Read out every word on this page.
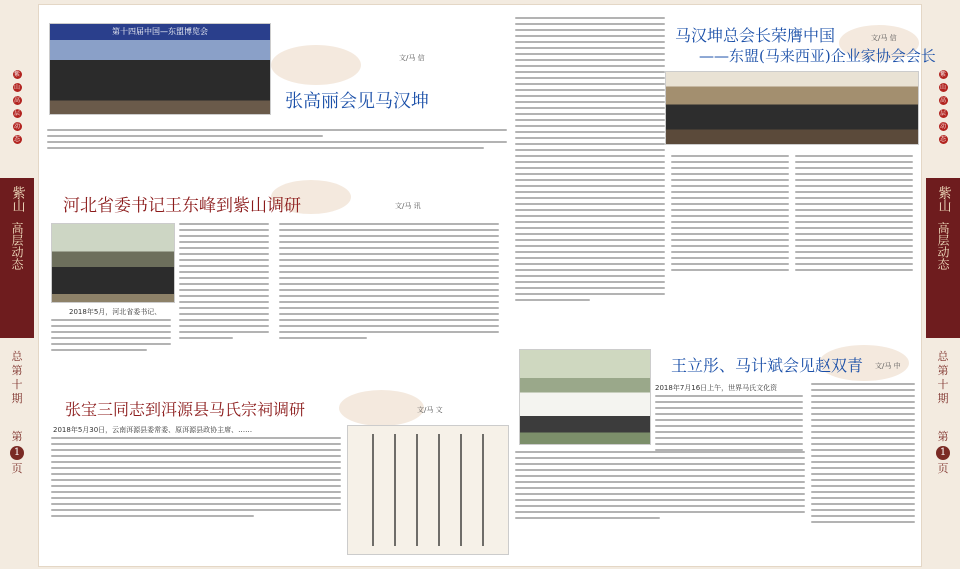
紫
山
高
层
动
态
紫山
高层动态
总
第
十
期
第
1
页
紫
山
高
层
动
态
紫山
高层动态
总
第
十
期
第
1
页
第十四届中国—东盟博览会
文/马 信
张高丽会见马汉坤
河北省委书记王东峰到紫山调研	文/马 讯
2018年5月，河北省委书记、
张宝三同志到洱源县马氏宗祠调研	文/马 文
2018年5月30日，云南洱源县委常委、原洱源县政协主席、……
马汉坤总会长荣膺中国	文/马 信
——东盟(马来西亚)企业家协会会长
王立彤、马计斌会见赵双青 文/马 中
2018年7月16日上午，世界马氏文化资
